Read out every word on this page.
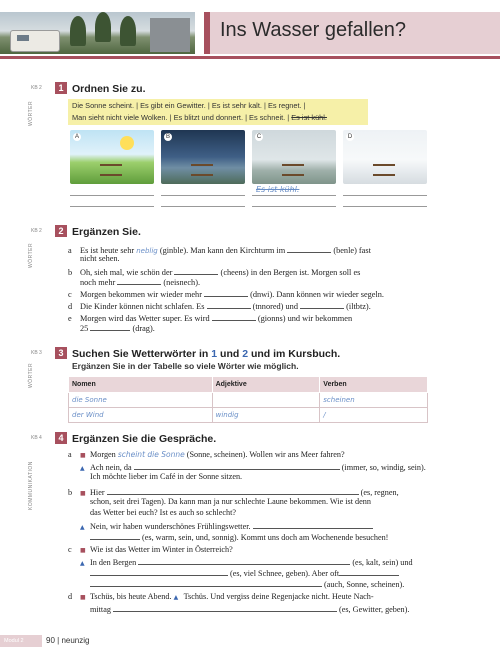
Ins Wasser gefallen?
KB 2
WÖRTER
1 Ordnen Sie zu.
Die Sonne scheint. | Es gibt ein Gewitter. | Es ist sehr kalt. | Es regnet. |
Man sieht nicht viele Wolken. | Es blitzt und donnert. | Es schneit. | Es ist kühl.
A	B	C	D
Es ist kühl.
KB 2
WÖRTER
2 Ergänzen Sie.
a Es ist heute sehr neblig (ginble). Man kann den Kirchturm im	(benle) fast
nicht sehen.
b Oh, sieh mal, wie schön der	(cheens) in den Bergen ist. Morgen soll es
noch mehr	(neisnech).
c Morgen bekommen wir wieder mehr	(dnwi). Dann können wir wieder segeln.
d Die Kinder können nicht schlafen. Es	(tnnored) und	(iltbtz).
e Morgen wird das Wetter super. Es wird	(gionns) und wir bekommen
25	(drag).
KB 3
WÖRTER
3 Suchen Sie Wetterwörter in 1 und 2 und im Kursbuch.
Ergänzen Sie in der Tabelle so viele Wörter wie möglich.
Nomen	Adjektive	Verben
die Sonne		scheinen
der Wind	windig	/
KB 4
KOMMUNIKATION
4 Ergänzen Sie die Gespräche.
a ■ Morgen scheint die Sonne (Sonne, scheinen). Wollen wir ans Meer fahren?
▲ Ach nein, da	(immer, so, windig, sein).
Ich möchte lieber im Café in der Sonne sitzen.
b ■ Hier	(es, regnen,
schon, seit drei Tagen). Da kann man ja nur schlechte Laune bekommen. Wie ist denn
das Wetter bei euch? Ist es auch so schlecht?
▲ Nein, wir haben wunderschönes Frühlingswetter.
(es, warm, sein, und, sonnig). Kommt uns doch am Wochenende besuchen!
c ■ Wie ist das Wetter im Winter in Österreich?
▲ In den Bergen	(es, kalt, sein) und
(es, viel Schnee, geben). Aber oft
(auch, Sonne, scheinen).
d ■ Tschüs, bis heute Abend. ▲ Tschüs. Und vergiss deine Regenjacke nicht. Heute Nach-
mittag	(es, Gewitter, geben).
Modul 2	90 | neunzig
